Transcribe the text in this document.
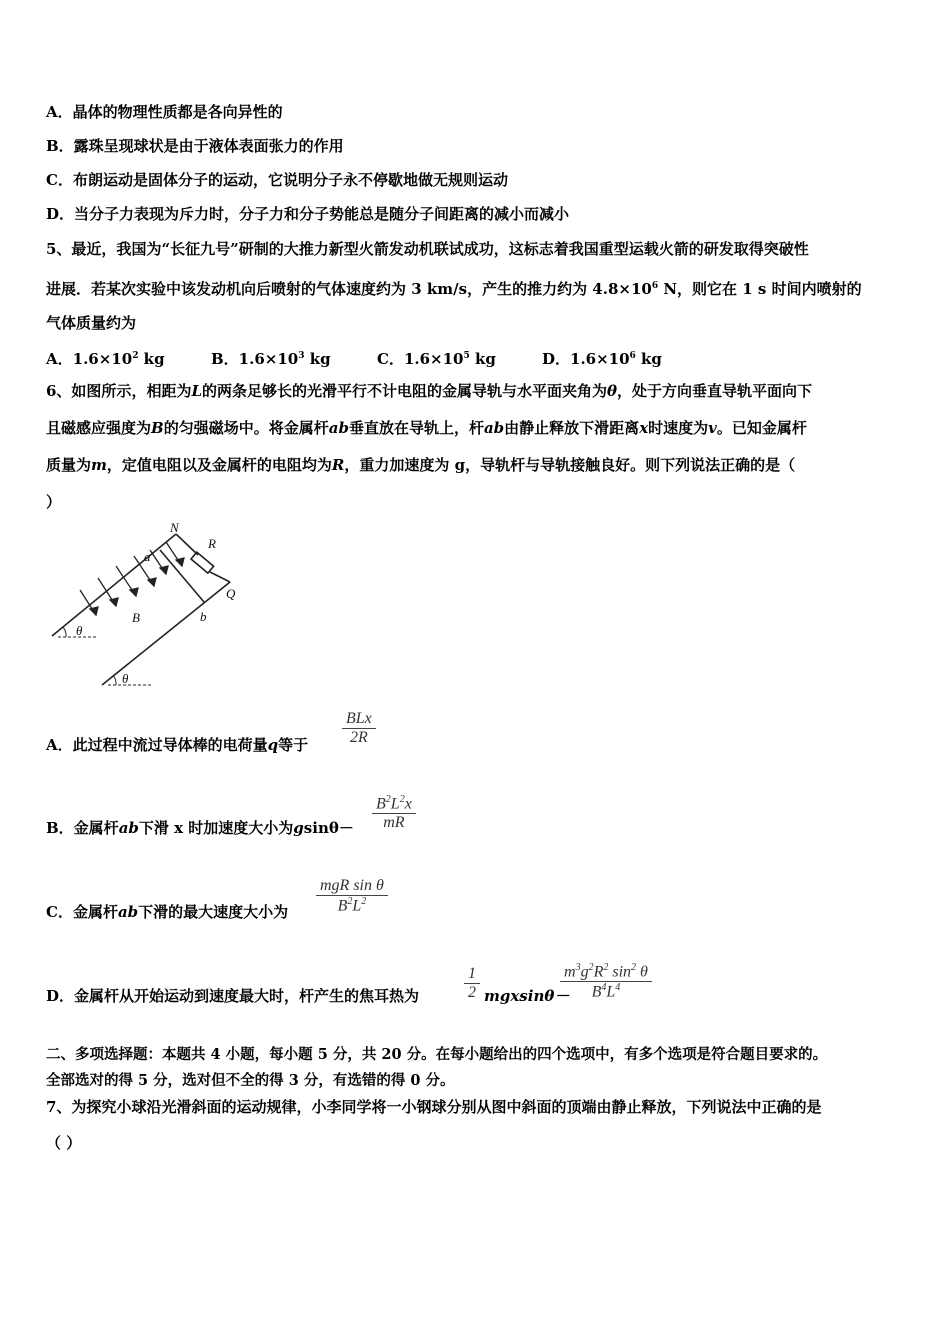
A．晶体的物理性质都是各向异性的
B．露珠呈现球状是由于液体表面张力的作用
C．布朗运动是固体分子的运动，它说明分子永不停歇地做无规则运动
D．当分子力表现为斥力时，分子力和分子势能总是随分子间距离的减小而减小
5、最近，我国为“长征九号”研制的大推力新型火箭发动机联试成功，这标志着我国重型运载火箭的研发取得突破性
进展．若某次实验中该发动机向后喷射的气体速度约为 3 km/s，产生的推力约为 $4.8\times 10^6$ N，则它在 1 s 时间内喷射的
气体质量约为
A．$1.6\times 10^2$ kg	B．$1.6\times 10^3$ kg	C．$1.6\times 10^5$ kg	D．$1.6\times 10^6$ kg
6、如图所示，相距为L的两条足够长的光滑平行不计电阻的金属导轨与水平面夹角为θ，处于方向垂直导轨平面向下
且磁感应强度为B的匀强磁场中。将金属杆ab垂直放在导轨上，杆ab由静止释放下滑距离x时速度为v。已知金属杆
质量为m，定值电阻以及金属杆的电阻均为R，重力加速度为 g，导轨杆与导轨接触良好。则下列说法正确的是（
）
N
R
Q
a
b
B
θ
θ
A．此过程中流过导体棒的电荷量q等于
BLx
2R
B．金属杆ab下滑 x 时加速度大小为gsinθ－
$B^2L^2x$
mR
C．金属杆ab下滑的最大速度大小为
mgR sin θ
$B^2L^2$
D．金属杆从开始运动到速度最大时，杆产生的焦耳热为
1
2 mgxsinθ－
$m^3g^2R^2$ $\sin^2 \theta$
$B^4L^4$
二、多项选择题：本题共 4 小题，每小题 5 分，共 20 分。在每小题给出的四个选项中，有多个选项是符合题目要求的。
全部选对的得 5 分，选对但不全的得 3 分，有选错的得 0 分。
7、为探究小球沿光滑斜面的运动规律，小李同学将一小钢球分别从图中斜面的顶端由静止释放，下列说法中正确的是
（ ）
